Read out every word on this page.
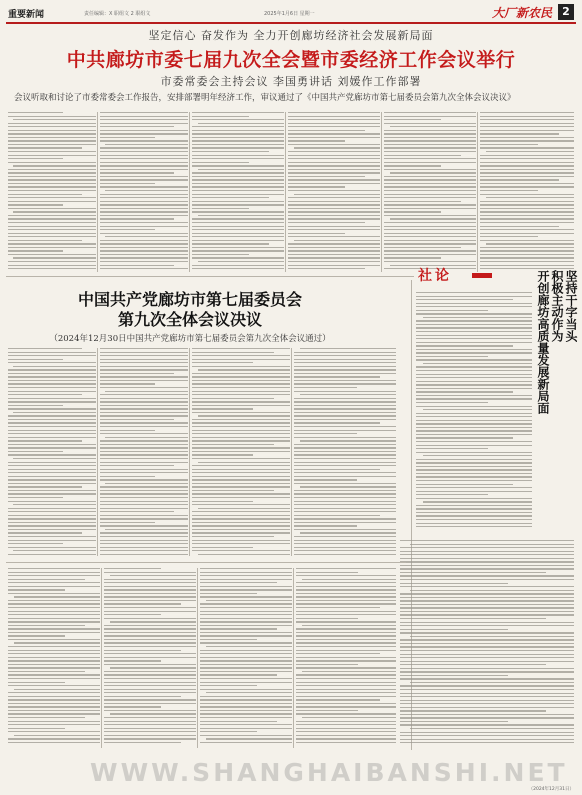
重要新闻	责任编辑：X 职组文 2 职组文	2025年1月6日 星期一	大厂新农民 2
坚定信心 奋发作为 全力开创廊坊经济社会发展新局面
中共廊坊市委七届九次全会暨市委经济工作会议举行
市委常委会主持会议 李国勇讲话 刘媛作工作部署
会议听取和讨论了市委常委会工作报告，安排部署明年经济工作，审议通过了《中国共产党廊坊市第七届委员会第九次全体会议决议》
中国共产党廊坊市第七届委员会
第九次全体会议决议
（2024年12月30日中国共产党廊坊市第七届委员会第九次全体会议通过）
社论	坚持干字当头
积极主动作为
开创廊坊高质量发展新局面
WWW.SHANGHAIBANSHI.NET
（2024年12月31日）
